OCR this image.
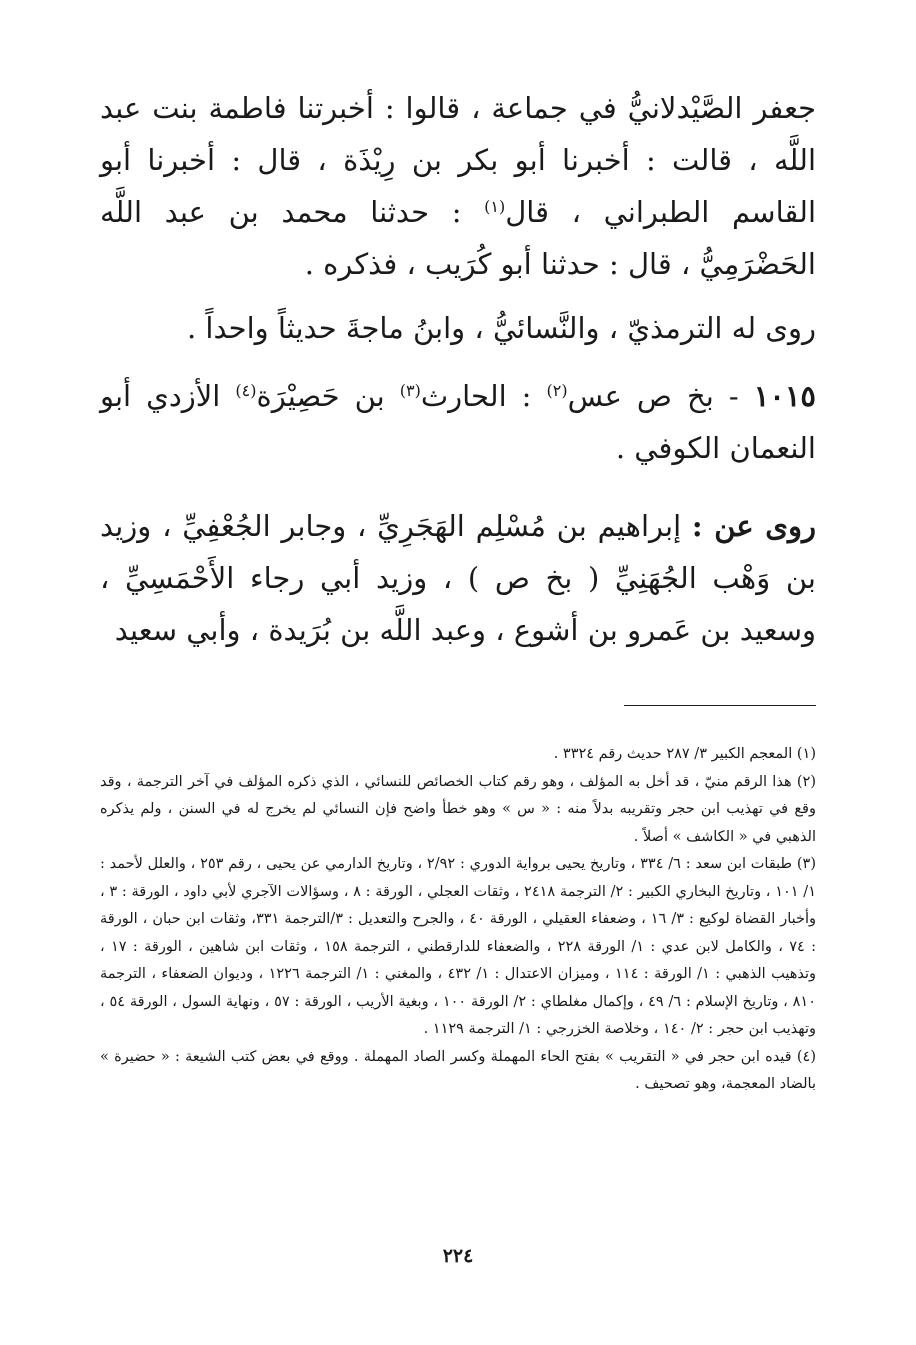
جعفر الصَّيْدلانيُّ في جماعة ، قالوا : أخبرتنا فاطمة بنت عبد اللَّه ، قالت : أخبرنا أبو بكر بن رِيْذَة ، قال : أخبرنا أبو القاسم الطبراني ، قال$^{(١)}$ : حدثنا محمد بن عبد اللَّه الحَضْرَمِيُّ ، قال : حدثنا أبو كُرَيب ، فذكره .

روى له الترمذيّ ، والنَّسائيُّ ، وابنُ ماجةَ حديثاً واحداً .

١٠١٥ - بخ ص عس$^{(٢)}$ : الحارث$^{(٣)}$ بن حَصِيْرَة$^{(٤)}$ الأزدي أبو النعمان الكوفي .

روى عن : إبراهيم بن مُسْلِم الهَجَرِيِّ ، وجابر الجُعْفِيِّ ، وزيد بن وَهْب الجُهَنِيِّ ( بخ ص ) ، وزيد أبي رجاء الأَحْمَسِيِّ ، وسعيد بن عَمرو بن أشوع ، وعبد اللَّه بن بُرَيدة ، وأبي سعيد

(١) المعجم الكبير ٣/ ٢٨٧ حديث رقم ٣٣٢٤ .

(٢) هذا الرقم منيّ ، قد أخل به المؤلف ، وهو رقم كتاب الخصائص للنسائي ، الذي ذكره المؤلف في آخر الترجمة ، وقد وقع في تهذيب ابن حجر وتقريبه بدلاً منه : « س » وهو خطأ واضح فإن النسائي لم يخرج له في السنن ، ولم يذكره الذهبي في « الكاشف » أصلاً .

(٣) طبقات ابن سعد : ٦/ ٣٣٤ ، وتاريخ يحيى برواية الدوري : ٢/٩٢ ، وتاريخ الدارمي عن يحيى ، رقم ٢٥٣ ، والعلل لأحمد : ١/ ١٠١ ، وتاريخ البخاري الكبير : ٢/ الترجمة ٢٤١٨ ، وثقات العجلي ، الورقة : ٨ ، وسؤالات الآجري لأبي داود ، الورقة : ٣ ، وأخبار القضاة لوكيع : ٣/ ١٦ ، وضعفاء العقيلي ، الورقة ٤٠ ، والجرح والتعديل : ٣/الترجمة ٣٣١، وثقات ابن حبان ، الورقة : ٧٤ ، والكامل لابن عدي : ١/ الورقة ٢٢٨ ، والضعفاء للدارقطني ، الترجمة ١٥٨ ، وثقات ابن شاهين ، الورقة : ١٧ ، وتذهيب الذهبي : ١/ الورقة : ١١٤ ، وميزان الاعتدال : ١/ ٤٣٢ ، والمغني : ١/ الترجمة ١٢٢٦ ، وديوان الضعفاء ، الترجمة ٨١٠ ، وتاريخ الإسلام : ٦/ ٤٩ ، وإكمال مغلطاي : ٢/ الورقة ١٠٠ ، وبغية الأريب ، الورقة : ٥٧ ، ونهاية السول ، الورقة ٥٤ ، وتهذيب ابن حجر : ٢/ ١٤٠ ، وخلاصة الخزرجي : ١/ الترجمة ١١٢٩ .

(٤) قيده ابن حجر في « التقريب » بفتح الحاء المهملة وكسر الصاد المهملة . ووقع في بعض كتب الشيعة : « حضيرة » بالضاد المعجمة، وهو تصحيف .

٢٢٤
